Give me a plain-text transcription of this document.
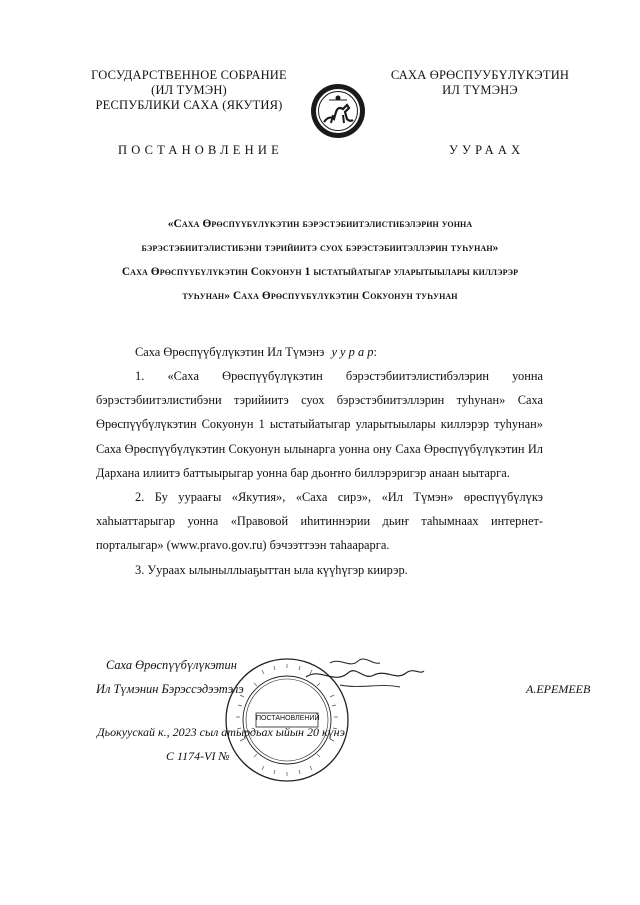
ГОСУДАРСТВЕННОЕ СОБРАНИЕ
(ИЛ ТУМЭН)
РЕСПУБЛИКИ САХА (ЯКУТИЯ)
САХА ӨРӨСПУУБҮЛҮКЭТИН
ИЛ ТҮМЭНЭ
ПОСТАНОВЛЕНИЕ	УУРААХ
«Саха Өрөспүүбүлүкэтин бэрэстэбиитэлистибэлэрин уонна
бэрэстэбиитэлистибэни тэрийиитэ суох бэрэстэбиитэллэрин туһунан»
Саха Өрөспүүбүлүкэтин Сокуонун 1 ыстатыйатыгар уларытыылары киллэрэр
туһунан» Саха Өрөспүүбүлүкэтин Сокуонун туһунан
Саха Өрөспүүбүлүкэтин Ил Түмэнэ у у р а р:

1. «Саха Өрөспүүбүлүкэтин бэрэстэбиитэлистибэлэрин уонна бэрэстэбиитэлистибэни тэрийиитэ суох бэрэстэбиитэллэрин туһунан» Саха Өрөспүүбүлүкэтин Сокуонун 1 ыстатыйатыгар уларытыылары киллэрэр туһунан» Саха Өрөспүүбүлүкэтин Сокуонун ылынарга уонна ону Саха Өрөспүүбүлүкэтин Ил Дархана илиитэ баттыырыгар уонна бар дьоҥҥо биллэрэригэр анаан ыытарга.

2. Бу уураағы «Якутия», «Саха сирэ», «Ил Түмэн» өрөспүүбүлүкэ хаһыаттарыгар уонна «Правовой иһитиннэрии дьиҥ таһымнаах интернет-порталыгар» (www.pravo.gov.ru) бэчээттээн таһаарарга.

3. Уураах ылыныллыаҕыттан ыла күүһүгэр киирэр.

Саха Өрөспүүбүлүкэтин
Ил Түмэнин Бэрэссэдээтэлэ	А.ЕРЕМЕЕВ
ПОСТАНОВЛЕНИЙ
Дьокуускай к., 2023 сыл атырдьах ыйын 20 күнэ
С 1174-VI №
